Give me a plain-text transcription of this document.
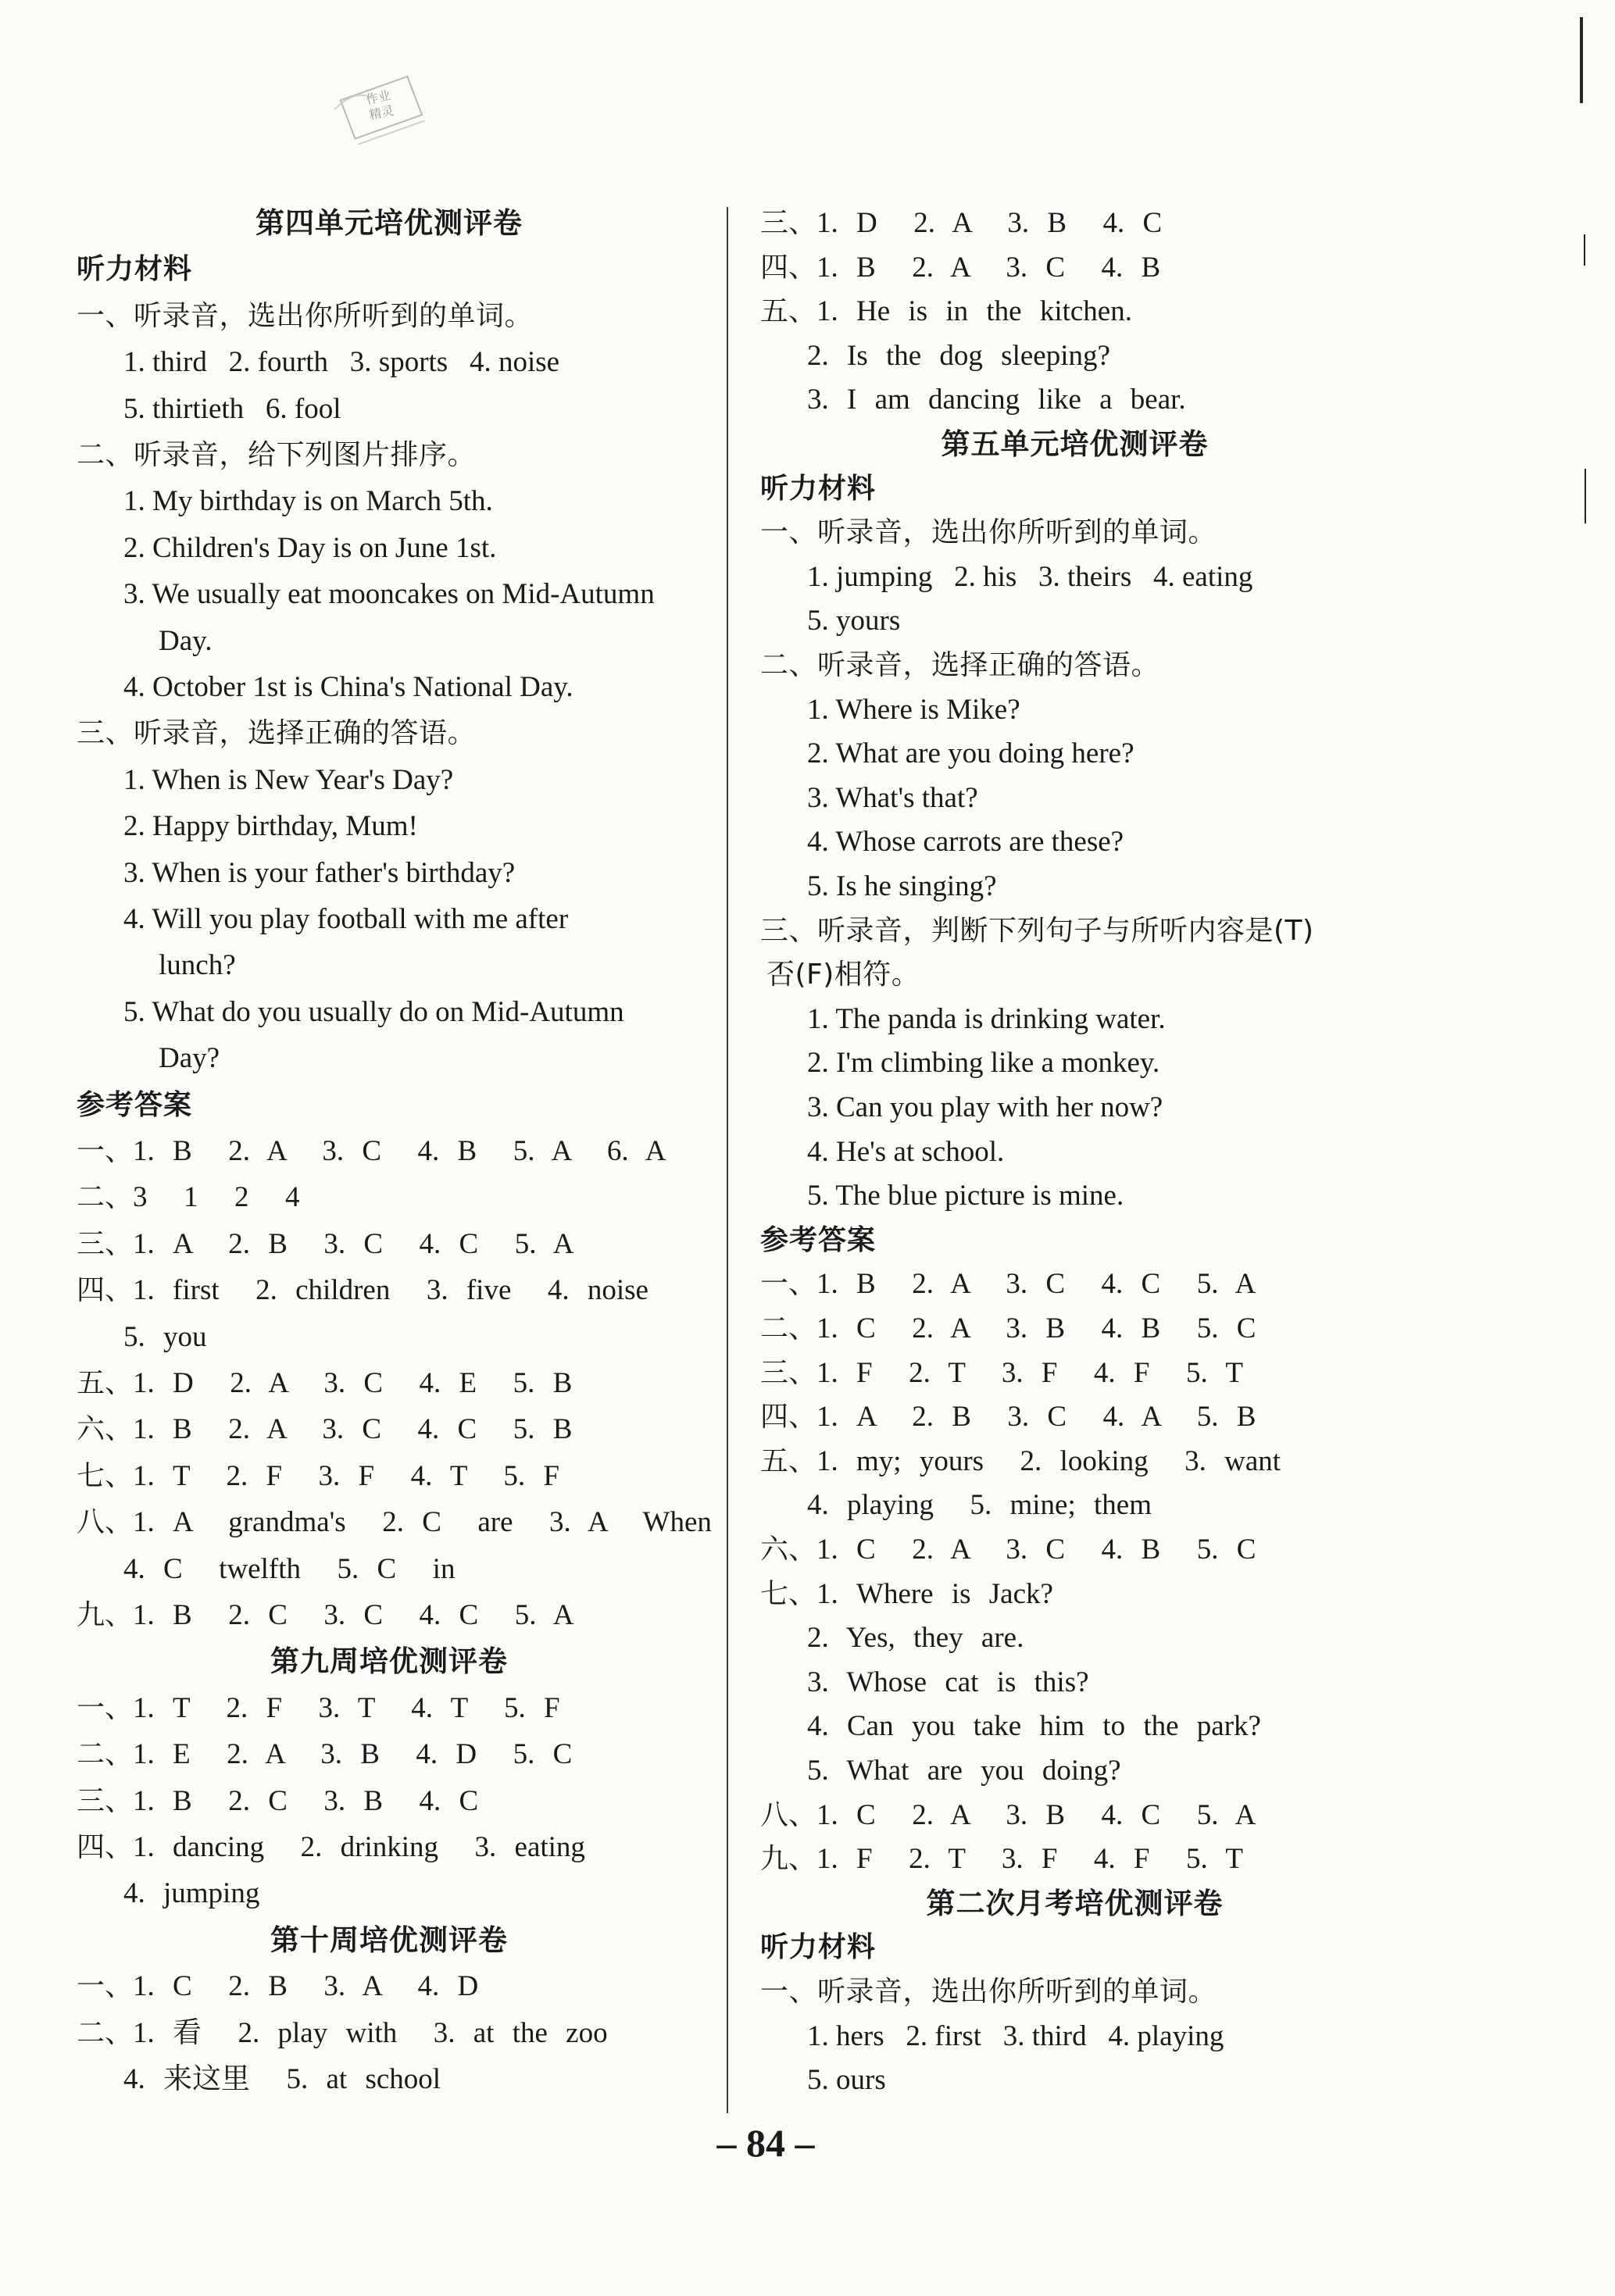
作业
精灵
第四单元培优测评卷
听力材料
一、听录音，选出你所听到的单词。
1. third   2. fourth   3. sports   4. noise
5. thirtieth   6. fool
二、听录音，给下列图片排序。
1. My birthday is on March 5th.
2. Children's Day is on June 1st.
3. We usually eat mooncakes on Mid-Autumn
Day.
4. October 1st is China's National Day.
三、听录音，选择正确的答语。
1. When is New Year's Day?
2. Happy birthday, Mum!
3. When is your father's birthday?
4. Will you play football with me after
lunch?
5. What do you usually do on Mid-Autumn
Day?
参考答案
一、1. B  2. A  3. C  4. B  5. A  6. A
二、3  1  2  4
三、1. A  2. B  3. C  4. C  5. A
四、1. first  2. children  3. five  4. noise
5. you
五、1. D  2. A  3. C  4. E  5. B
六、1. B  2. A  3. C  4. C  5. B
七、1. T  2. F  3. F  4. T  5. F
八、1. A  grandma's  2. C  are  3. A  When
4. C  twelfth  5. C  in
九、1. B  2. C  3. C  4. C  5. A
第九周培优测评卷
一、1. T  2. F  3. T  4. T  5. F
二、1. E  2. A  3. B  4. D  5. C
三、1. B  2. C  3. B  4. C
四、1. dancing  2. drinking  3. eating
4. jumping
第十周培优测评卷
一、1. C  2. B  3. A  4. D
二、1. 看  2. play with  3. at the zoo
4. 来这里  5. at school
三、1. D  2. A  3. B  4. C
四、1. B  2. A  3. C  4. B
五、1. He is in the kitchen.
2. Is the dog sleeping?
3. I am dancing like a bear.
第五单元培优测评卷
听力材料
一、听录音，选出你所听到的单词。
1. jumping   2. his   3. theirs   4. eating
5. yours
二、听录音，选择正确的答语。
1. Where is Mike?
2. What are you doing here?
3. What's that?
4. Whose carrots are these?
5. Is he singing?
三、听录音，判断下列句子与所听内容是(T)
否(F)相符。
1. The panda is drinking water.
2. I'm climbing like a monkey.
3. Can you play with her now?
4. He's at school.
5. The blue picture is mine.
参考答案
一、1. B  2. A  3. C  4. C  5. A
二、1. C  2. A  3. B  4. B  5. C
三、1. F  2. T  3. F  4. F  5. T
四、1. A  2. B  3. C  4. A  5. B
五、1. my; yours  2. looking  3. want
4. playing  5. mine; them
六、1. C  2. A  3. C  4. B  5. C
七、1. Where is Jack?
2. Yes, they are.
3. Whose cat is this?
4. Can you take him to the park?
5. What are you doing?
八、1. C  2. A  3. B  4. C  5. A
九、1. F  2. T  3. F  4. F  5. T
第二次月考培优测评卷
听力材料
一、听录音，选出你所听到的单词。
1. hers   2. first   3. third   4. playing
5. ours
– 84 –
